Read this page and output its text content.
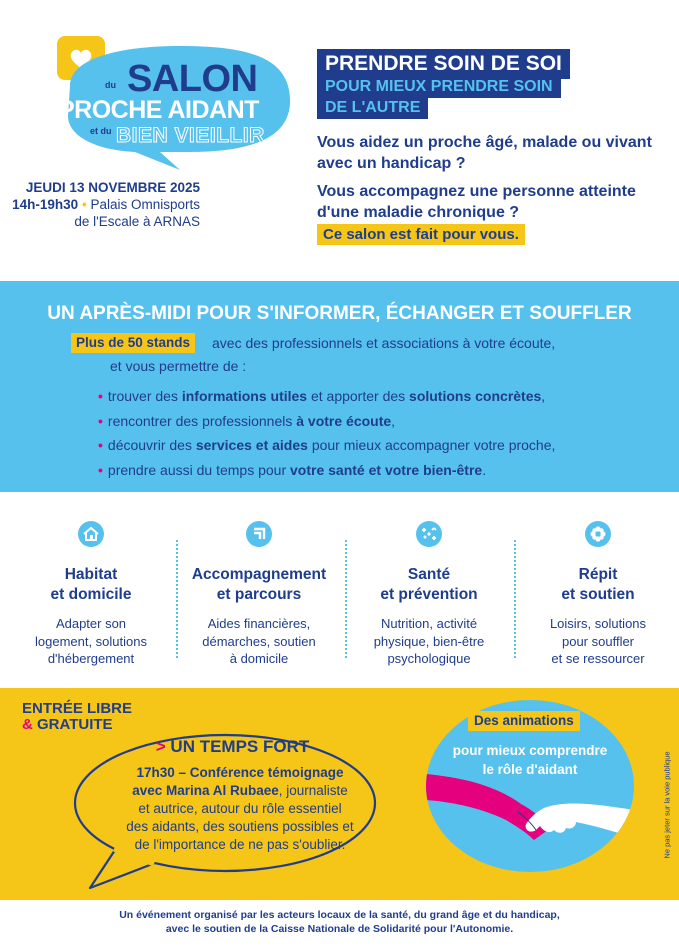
du SALON
PROCHE AIDANT
et du BIEN VIEILLIR
JEUDI 13 NOVEMBRE 2025
14h-19h30 • Palais Omnisports
de l'Escale à ARNAS
PRENDRE SOIN DE SOI
POUR MIEUX PRENDRE SOIN
DE L'AUTRE
Vous aidez un proche âgé, malade ou vivant avec un handicap ?
Vous accompagnez une personne atteinte d'une maladie chronique ?
Ce salon est fait pour vous.
UN APRÈS-MIDI POUR S'INFORMER, ÉCHANGER ET SOUFFLER
Plus de 50 stands	avec des professionnels et associations à votre écoute,
et vous permettre de :
• trouver des informations utiles et apporter des solutions concrètes,
• rencontrer des professionnels à votre écoute,
• découvrir des services et aides pour mieux accompagner votre proche,
• prendre aussi du temps pour votre santé et votre bien-être.
Habitat
et domicile
Adapter son
logement, solutions
d'hébergement
Accompagnement
et parcours
Aides financières,
démarches, soutien
à domicile
Santé
et prévention
Nutrition, activité
physique, bien-être
psychologique
Répit
et soutien
Loisirs, solutions
pour souffler
et se ressourcer
ENTRÉE LIBRE
& GRATUITE
> UN TEMPS FORT
17h30 – Conférence témoignage
avec Marina Al Rubaee, journaliste
et autrice, autour du rôle essentiel
des aidants, des soutiens possibles et
de l'importance de ne pas s'oublier.
Des animations
pour mieux comprendre
le rôle d'aidant	Ne pas jeter sur la voie publique
Un événement organisé par les acteurs locaux de la santé, du grand âge et du handicap,
avec le soutien de la Caisse Nationale de Solidarité pour l'Autonomie.
